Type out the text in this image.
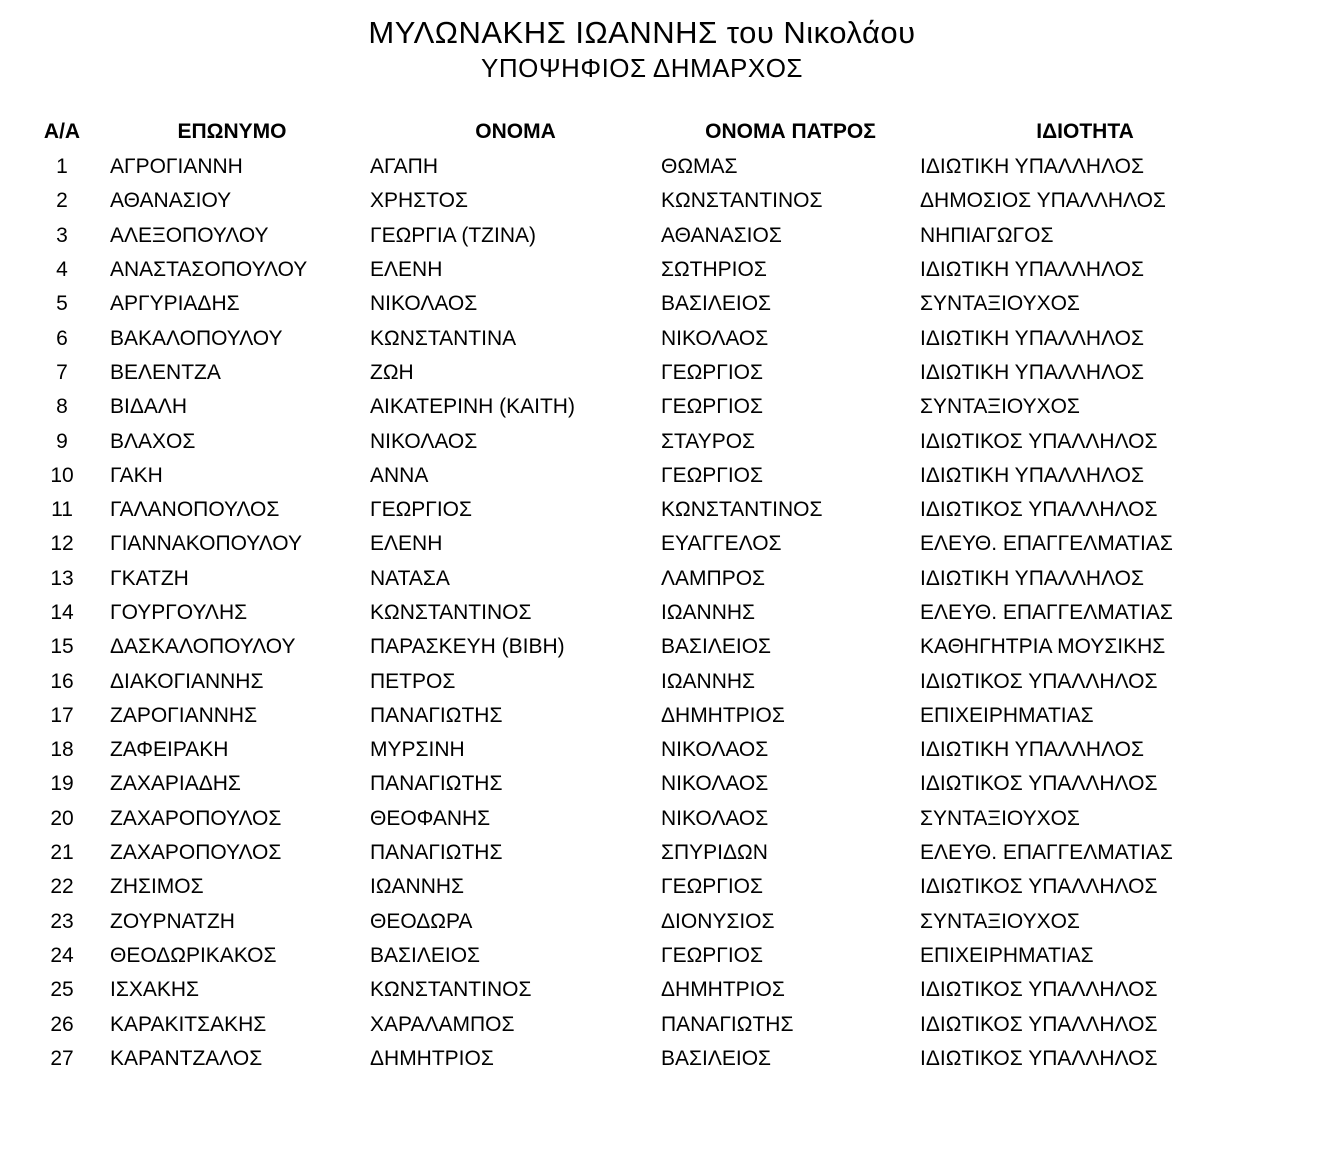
ΜΥΛΩΝΑΚΗΣ ΙΩΑΝΝΗΣ του Νικολάου
ΥΠΟΨΗΦΙΟΣ ΔΗΜΑΡΧΟΣ
Α/Α	ΕΠΩΝΥΜΟ	ΟΝΟΜΑ	ΟΝΟΜΑ ΠΑΤΡΟΣ	ΙΔΙΟΤΗΤΑ
1	ΑΓΡΟΓΙΑΝΝΗ	ΑΓΑΠΗ	ΘΩΜΑΣ	ΙΔΙΩΤΙΚΗ ΥΠΑΛΛΗΛΟΣ
2	ΑΘΑΝΑΣΙΟΥ	ΧΡΗΣΤΟΣ	ΚΩΝΣΤΑΝΤΙΝΟΣ	ΔΗΜΟΣΙΟΣ ΥΠΑΛΛΗΛΟΣ
3	ΑΛΕΞΟΠΟΥΛΟΥ	ΓΕΩΡΓΙΑ (ΤΖΙΝΑ)	ΑΘΑΝΑΣΙΟΣ	ΝΗΠΙΑΓΩΓΟΣ
4	ΑΝΑΣΤΑΣΟΠΟΥΛΟΥ	ΕΛΕΝΗ	ΣΩΤΗΡΙΟΣ	ΙΔΙΩΤΙΚΗ ΥΠΑΛΛΗΛΟΣ
5	ΑΡΓΥΡΙΑΔΗΣ	ΝΙΚΟΛΑΟΣ	ΒΑΣΙΛΕΙΟΣ	ΣΥΝΤΑΞΙΟΥΧΟΣ
6	ΒΑΚΑΛΟΠΟΥΛΟΥ	ΚΩΝΣΤΑΝΤΙΝΑ	ΝΙΚΟΛΑΟΣ	ΙΔΙΩΤΙΚΗ ΥΠΑΛΛΗΛΟΣ
7	ΒΕΛΕΝΤΖΑ	ΖΩΗ	ΓΕΩΡΓΙΟΣ	ΙΔΙΩΤΙΚΗ ΥΠΑΛΛΗΛΟΣ
8	ΒΙΔΑΛΗ	ΑΙΚΑΤΕΡΙΝΗ (ΚΑΙΤΗ)	ΓΕΩΡΓΙΟΣ	ΣΥΝΤΑΞΙΟΥΧΟΣ
9	ΒΛΑΧΟΣ	ΝΙΚΟΛΑΟΣ	ΣΤΑΥΡΟΣ	ΙΔΙΩΤΙΚΟΣ ΥΠΑΛΛΗΛΟΣ
10	ΓΑΚΗ	ΑΝΝΑ	ΓΕΩΡΓΙΟΣ	ΙΔΙΩΤΙΚΗ ΥΠΑΛΛΗΛΟΣ
11	ΓΑΛΑΝΟΠΟΥΛΟΣ	ΓΕΩΡΓΙΟΣ	ΚΩΝΣΤΑΝΤΙΝΟΣ	ΙΔΙΩΤΙΚΟΣ ΥΠΑΛΛΗΛΟΣ
12	ΓΙΑΝΝΑΚΟΠΟΥΛΟΥ	ΕΛΕΝΗ	ΕΥΑΓΓΕΛΟΣ	ΕΛΕΥΘ. ΕΠΑΓΓΕΛΜΑΤΙΑΣ
13	ΓΚΑΤΖΗ	ΝΑΤΑΣΑ	ΛΑΜΠΡΟΣ	ΙΔΙΩΤΙΚΗ ΥΠΑΛΛΗΛΟΣ
14	ΓΟΥΡΓΟΥΛΗΣ	ΚΩΝΣΤΑΝΤΙΝΟΣ	ΙΩΑΝΝΗΣ	ΕΛΕΥΘ. ΕΠΑΓΓΕΛΜΑΤΙΑΣ
15	ΔΑΣΚΑΛΟΠΟΥΛΟΥ	ΠΑΡΑΣΚΕΥΗ (ΒΙΒΗ)	ΒΑΣΙΛΕΙΟΣ	ΚΑΘΗΓΗΤΡΙΑ ΜΟΥΣΙΚΗΣ
16	ΔΙΑΚΟΓΙΑΝΝΗΣ	ΠΕΤΡΟΣ	ΙΩΑΝΝΗΣ	ΙΔΙΩΤΙΚΟΣ ΥΠΑΛΛΗΛΟΣ
17	ΖΑΡΟΓΙΑΝΝΗΣ	ΠΑΝΑΓΙΩΤΗΣ	ΔΗΜΗΤΡΙΟΣ	ΕΠΙΧΕΙΡΗΜΑΤΙΑΣ
18	ΖΑΦΕΙΡΑΚΗ	ΜΥΡΣΙΝΗ	ΝΙΚΟΛΑΟΣ	ΙΔΙΩΤΙΚΗ ΥΠΑΛΛΗΛΟΣ
19	ΖΑΧΑΡΙΑΔΗΣ	ΠΑΝΑΓΙΩΤΗΣ	ΝΙΚΟΛΑΟΣ	ΙΔΙΩΤΙΚΟΣ ΥΠΑΛΛΗΛΟΣ
20	ΖΑΧΑΡΟΠΟΥΛΟΣ	ΘΕΟΦΑΝΗΣ	ΝΙΚΟΛΑΟΣ	ΣΥΝΤΑΞΙΟΥΧΟΣ
21	ΖΑΧΑΡΟΠΟΥΛΟΣ	ΠΑΝΑΓΙΩΤΗΣ	ΣΠΥΡΙΔΩΝ	ΕΛΕΥΘ. ΕΠΑΓΓΕΛΜΑΤΙΑΣ
22	ΖΗΣΙΜΟΣ	ΙΩΑΝΝΗΣ	ΓΕΩΡΓΙΟΣ	ΙΔΙΩΤΙΚΟΣ ΥΠΑΛΛΗΛΟΣ
23	ΖΟΥΡΝΑΤΖΗ	ΘΕΟΔΩΡΑ	ΔΙΟΝΥΣΙΟΣ	ΣΥΝΤΑΞΙΟΥΧΟΣ
24	ΘΕΟΔΩΡΙΚΑΚΟΣ	ΒΑΣΙΛΕΙΟΣ	ΓΕΩΡΓΙΟΣ	ΕΠΙΧΕΙΡΗΜΑΤΙΑΣ
25	ΙΣΧΑΚΗΣ	ΚΩΝΣΤΑΝΤΙΝΟΣ	ΔΗΜΗΤΡΙΟΣ	ΙΔΙΩΤΙΚΟΣ ΥΠΑΛΛΗΛΟΣ
26	ΚΑΡΑΚΙΤΣΑΚΗΣ	ΧΑΡΑΛΑΜΠΟΣ	ΠΑΝΑΓΙΩΤΗΣ	ΙΔΙΩΤΙΚΟΣ ΥΠΑΛΛΗΛΟΣ
27	ΚΑΡΑΝΤΖΑΛΟΣ	ΔΗΜΗΤΡΙΟΣ	ΒΑΣΙΛΕΙΟΣ	ΙΔΙΩΤΙΚΟΣ ΥΠΑΛΛΗΛΟΣ
